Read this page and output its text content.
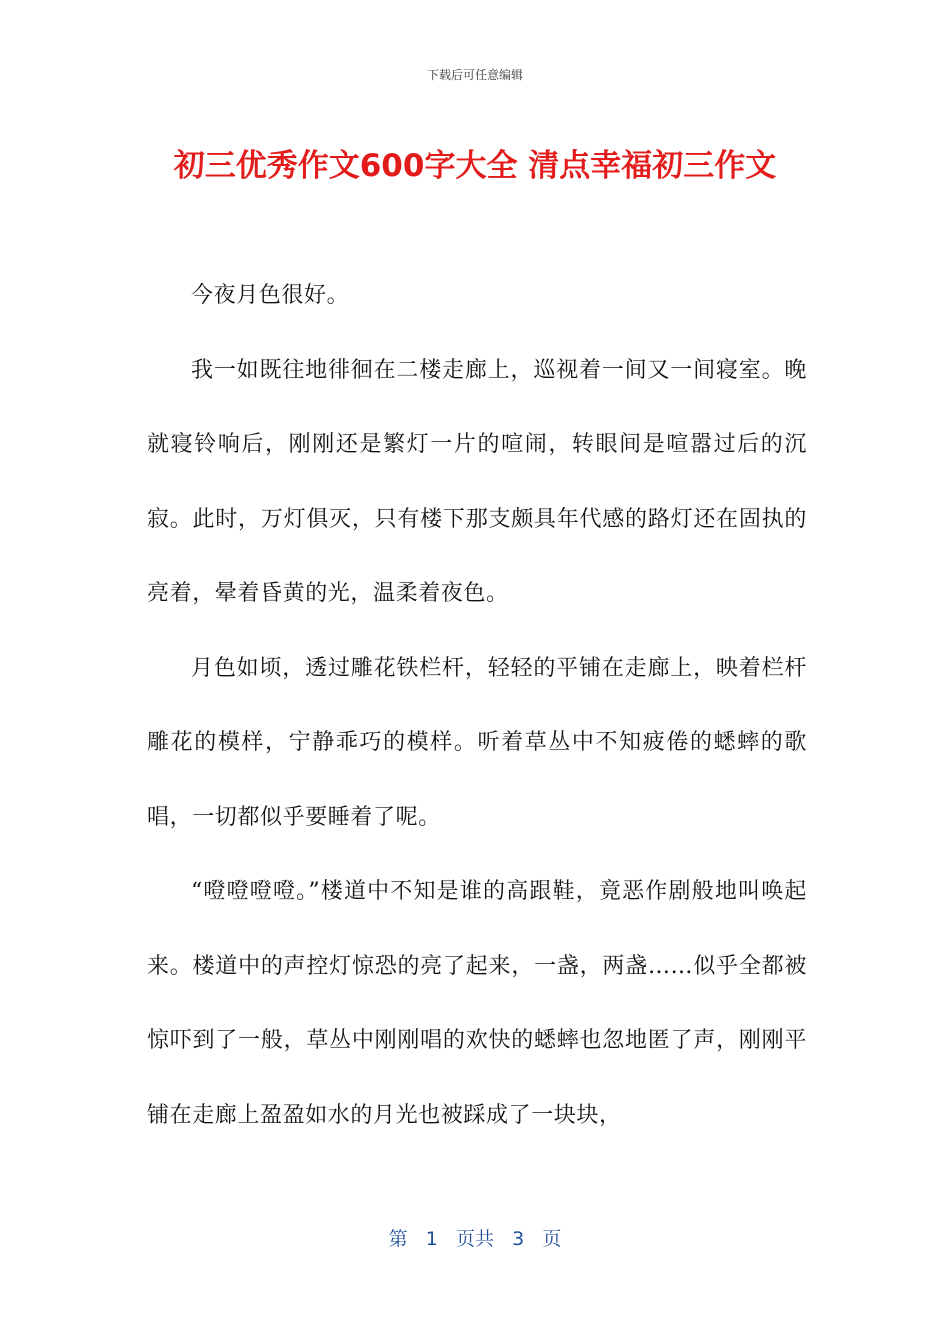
下载后可任意编辑
初三优秀作文600字大全 清点幸福初三作文

今夜月色很好。

我一如既往地徘徊在二楼走廊上，巡视着一间又一间寝室。晚就寝铃响后，刚刚还是繁灯一片的喧闹，转眼间是喧嚣过后的沉寂。此时，万灯俱灭，只有楼下那支颇具年代感的路灯还在固执的亮着，晕着昏黄的光，温柔着夜色。

月色如顷，透过雕花铁栏杆，轻轻的平铺在走廊上，映着栏杆雕花的模样，宁静乖巧的模样。听着草丛中不知疲倦的蟋蟀的歌唱，一切都似乎要睡着了呢。

“噔噔噔噔。”楼道中不知是谁的高跟鞋，竟恶作剧般地叫唤起来。楼道中的声控灯惊恐的亮了起来，一盏，两盏……似乎全都被惊吓到了一般，草丛中刚刚唱的欢快的蟋蟀也忽地匿了声，刚刚平铺在走廊上盈盈如水的月光也被踩成了一块块，

第 1 页共 3 页
